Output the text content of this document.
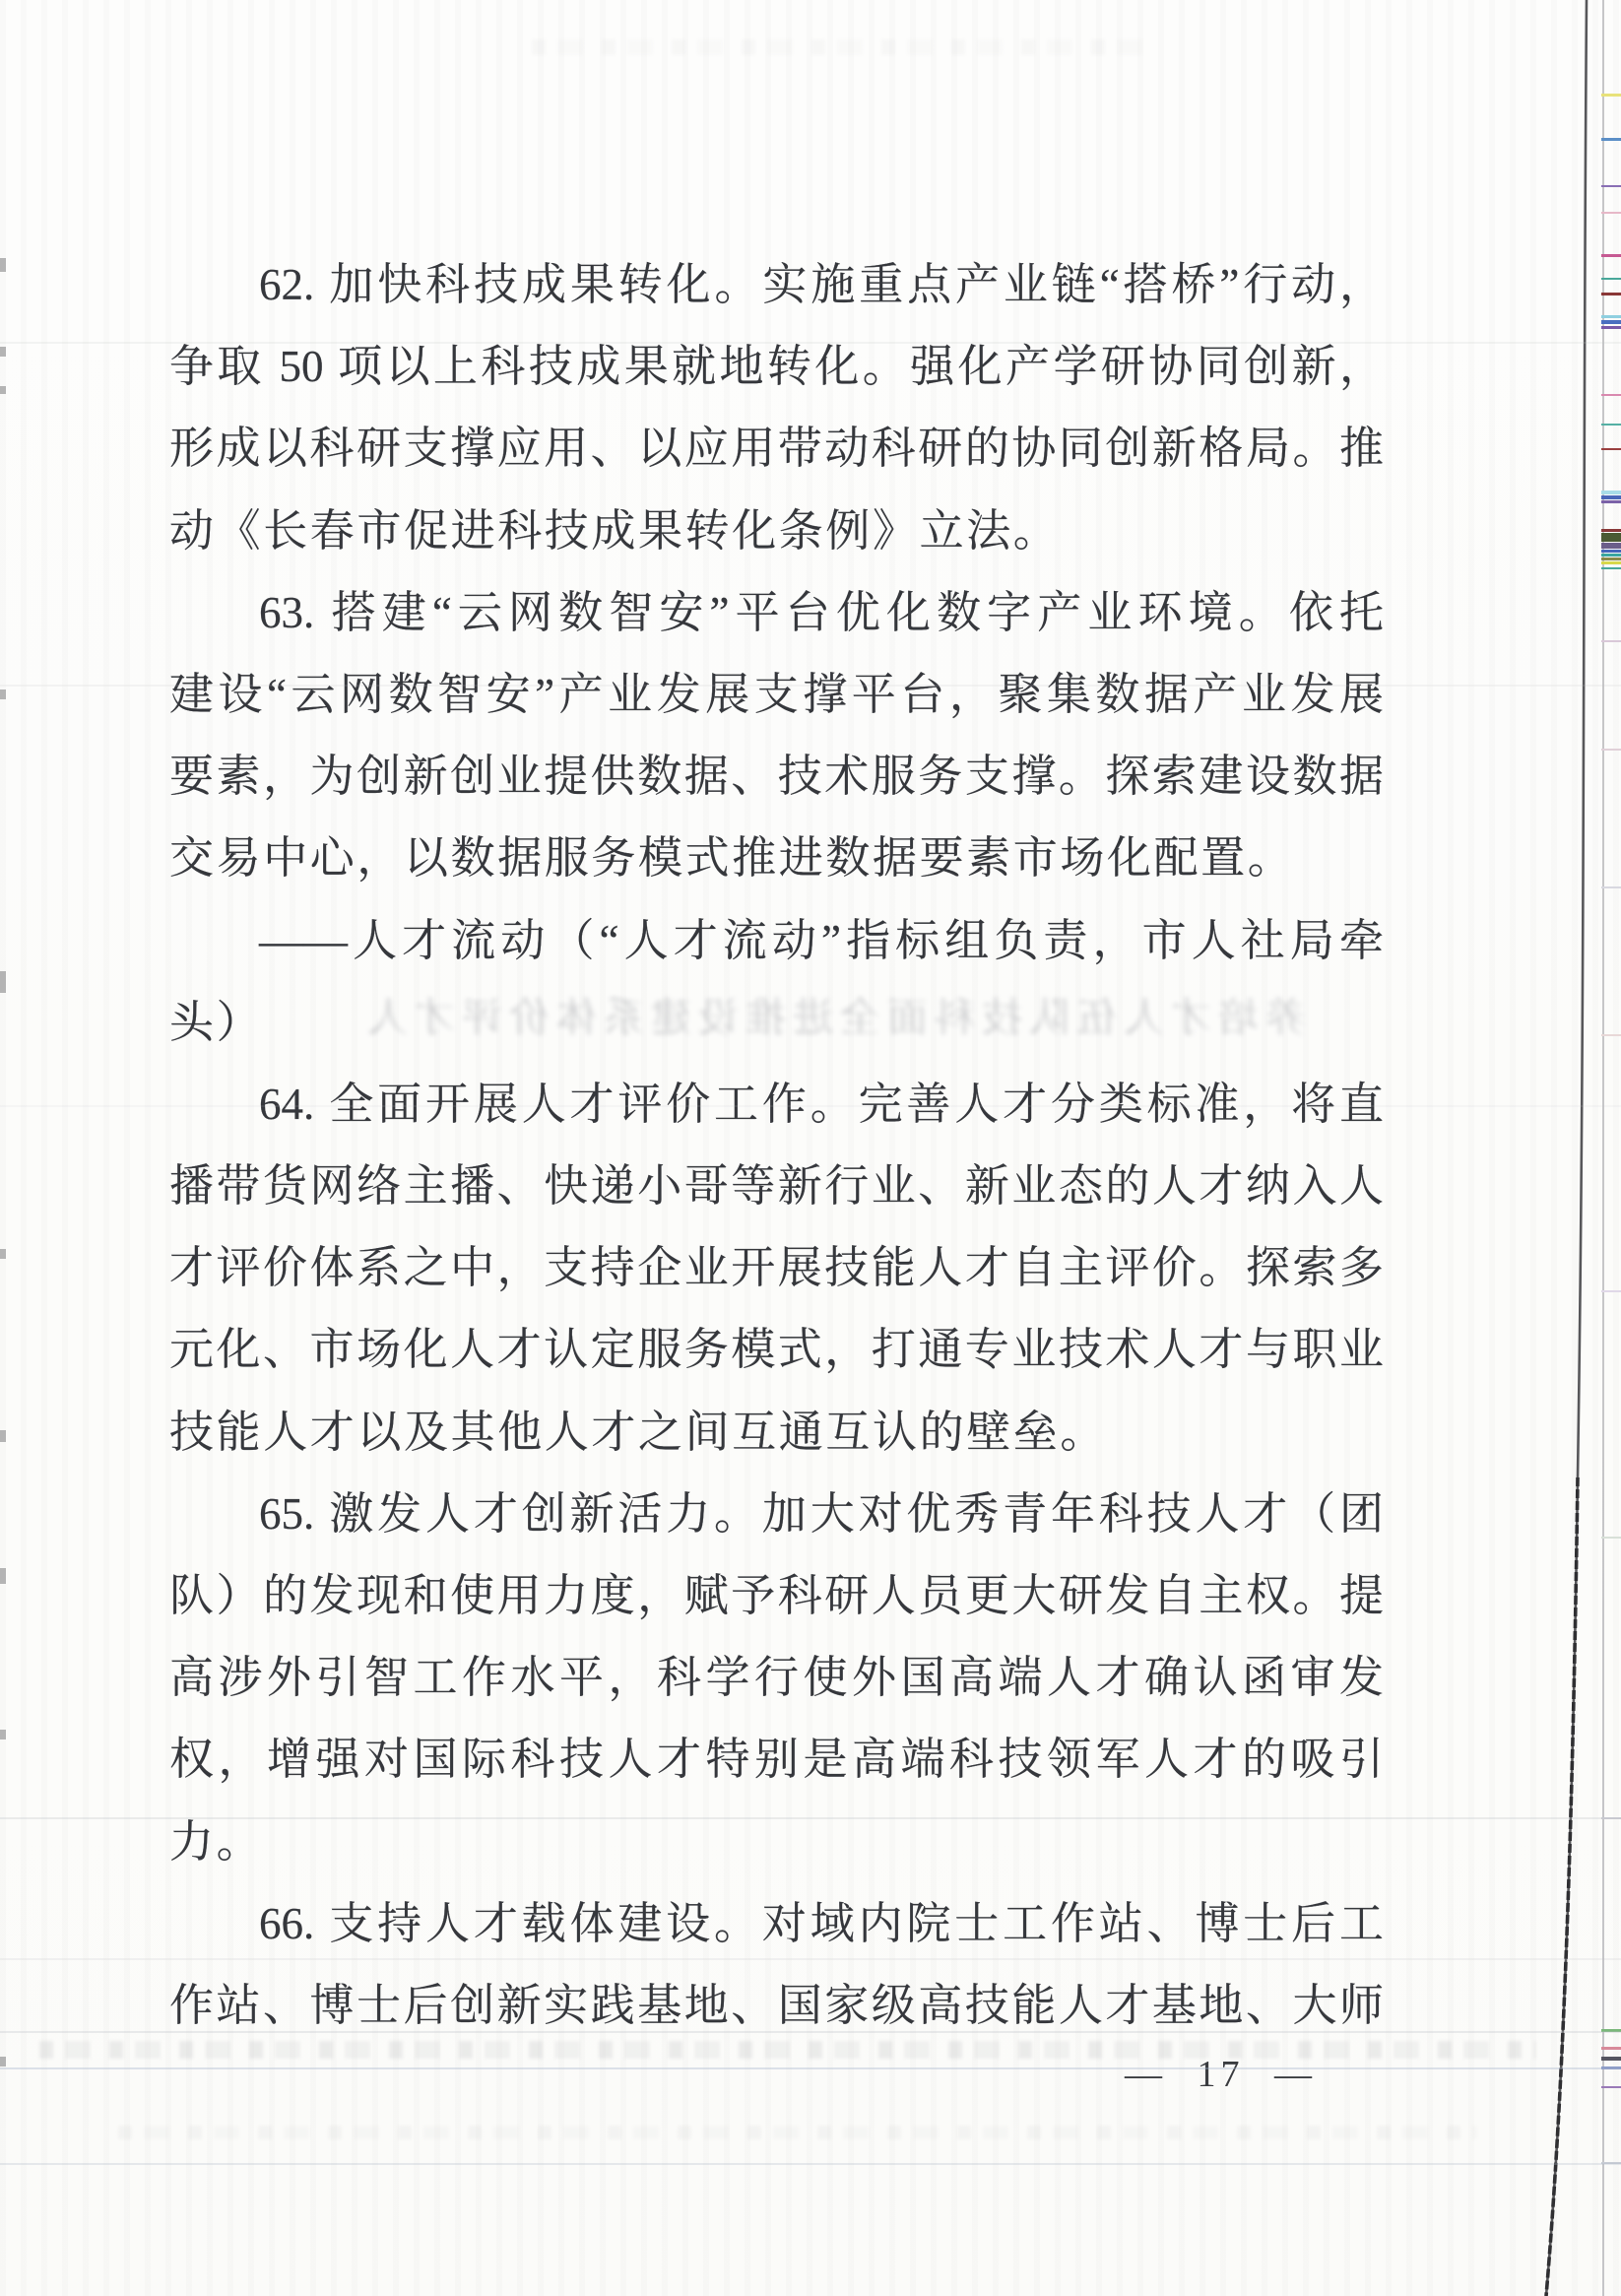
62. 加快科技成果转化。实施重点产业链“搭桥”行动，
争取 50 项以上科技成果就地转化。强化产学研协同创新，
形成以科研支撑应用、以应用带动科研的协同创新格局。推
动《长春市促进科技成果转化条例》立法。
63. 搭建“云网数智安”平台优化数字产业环境。依托
建设“云网数智安”产业发展支撑平台，聚集数据产业发展
要素，为创新创业提供数据、技术服务支撑。探索建设数据
交易中心，以数据服务模式推进数据要素市场化配置。
——人才流动（“人才流动”指标组负责，市人社局牵
头）
64. 全面开展人才评价工作。完善人才分类标准，将直
播带货网络主播、快递小哥等新行业、新业态的人才纳入人
才评价体系之中，支持企业开展技能人才自主评价。探索多
元化、市场化人才认定服务模式，打通专业技术人才与职业
技能人才以及其他人才之间互通互认的壁垒。
65. 激发人才创新活力。加大对优秀青年科技人才（团
队）的发现和使用力度，赋予科研人员更大研发自主权。提
高涉外引智工作水平，科学行使外国高端人才确认函审发
权，增强对国际科技人才特别是高端科技领军人才的吸引
力。
66. 支持人才载体建设。对域内院士工作站、博士后工
作站、博士后创新实践基地、国家级高技能人才基地、大师
养培才人伍队技科面全进推设建系体价评才人
— 17 —
